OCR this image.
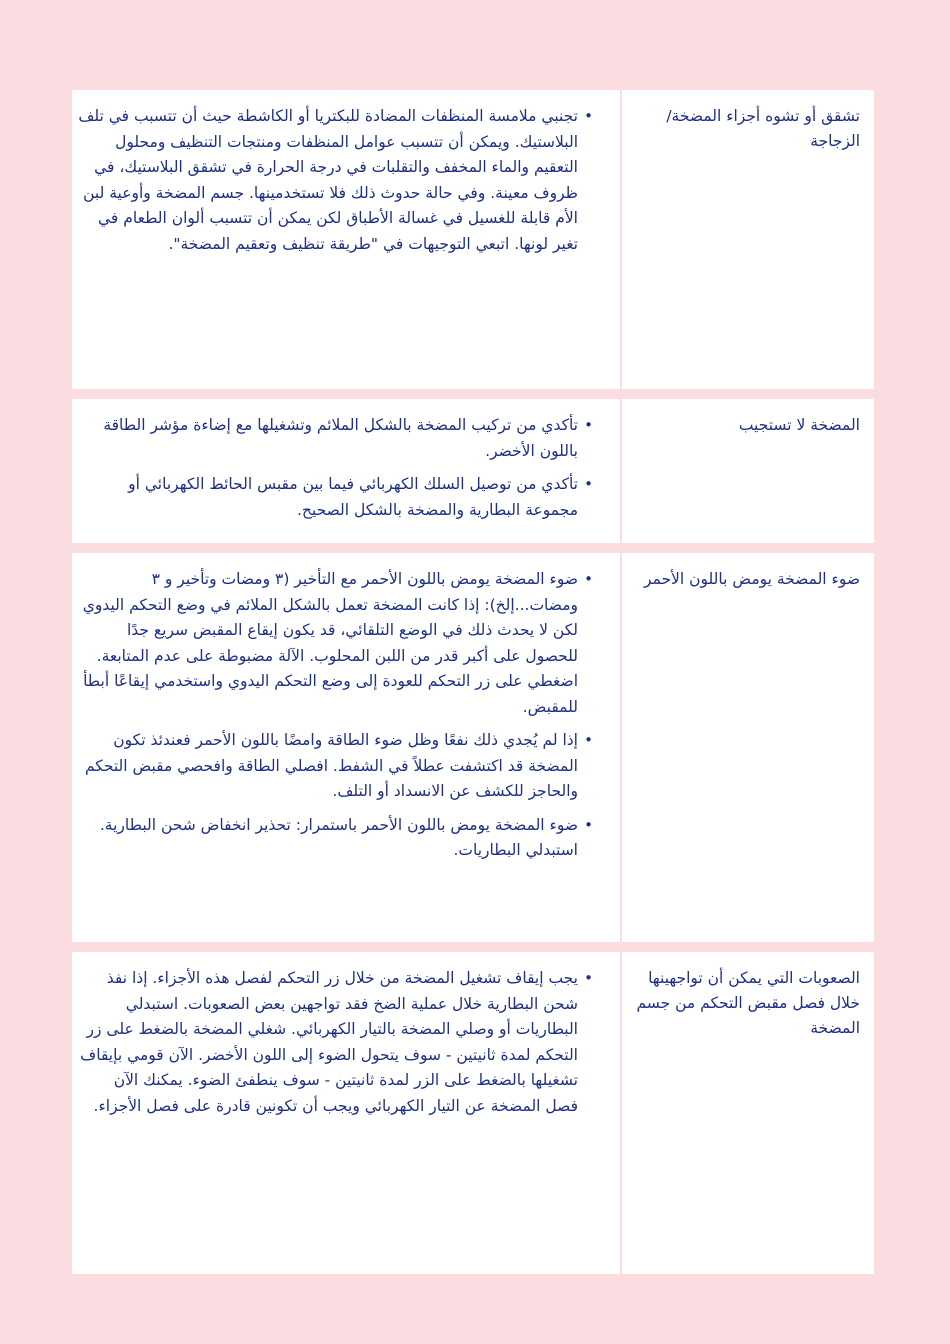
تشقق أو تشوه أجزاء المضخة/الزجاجة

• تجنبي ملامسة المنظفات المضادة للبكتريا أو الكاشطة حيث أن تتسبب في تلف البلاستيك. ويمكن أن تتسبب عوامل المنظفات ومنتجات التنظيف ومحلول التعقيم والماء المخفف والتقلبات في درجة الحرارة في تشقق البلاستيك، في ظروف معينة. وفي حالة حدوث ذلك فلا تستخدمينها. جسم المضخة وأوعية لبن الأم قابلة للغسيل في غسالة الأطباق لكن يمكن أن تتسبب ألوان الطعام في تغير لونها. اتبعي التوجيهات في "طريقة تنظيف وتعقيم المضخة".

المضخة لا تستجيب

• تأكدي من تركيب المضخة بالشكل الملائم وتشغيلها مع إضاءة مؤشر الطاقة باللون الأخضر.
• تأكدي من توصيل السلك الكهربائي فيما بين مقبس الحائط الكهربائي أو مجموعة البطارية والمضخة بالشكل الصحيح.

ضوء المضخة يومض باللون الأحمر

• ضوء المضخة يومض باللون الأحمر مع التأخير (٣ ومضات وتأخير و ٣ ومضات...إلخ): إذا كانت المضخة تعمل بالشكل الملائم في وضع التحكم اليدوي لكن لا يحدث ذلك في الوضع التلقائي، قد يكون إيقاع المقبض سريع جدًا للحصول على أكبر قدر من اللبن المحلوب. الآلة مضبوطة على عدم المتابعة. اضغطي على زر التحكم للعودة إلى وضع التحكم اليدوي واستخدمي إيقاعًا أبطأ للمقبض.
• إذا لم يُجدي ذلك نفعًا وظل ضوء الطاقة وامضًا باللون الأحمر فعندئذ تكون المضخة قد اكتشفت عطلاً في الشفط. افصلي الطاقة وافحصي مقبض التحكم والحاجز للكشف عن الانسداد أو التلف.
• ضوء المضخة يومض باللون الأحمر باستمرار: تحذير انخفاض شحن البطارية. استبدلي البطاريات.

الصعوبات التي يمكن أن تواجهينها خلال فصل مقبض التحكم من جسم المضخة

• يجب إيقاف تشغيل المضخة من خلال زر التحكم لفصل هذه الأجزاء. إذا نفذ شحن البطارية خلال عملية الضخ فقد تواجهين بعض الصعوبات. استبدلي البطاريات أو وصلي المضخة بالتيار الكهربائي. شغلي المضخة بالضغط على زر التحكم لمدة ثانيتين - سوف يتحول الضوء إلى اللون الأخضر. الآن قومي بإيقاف تشغيلها بالضغط على الزر لمدة ثانيتين - سوف ينطفئ الضوء. يمكنك الآن فصل المضخة عن التيار الكهربائي ويجب أن تكونين قادرة على فصل الأجزاء.
